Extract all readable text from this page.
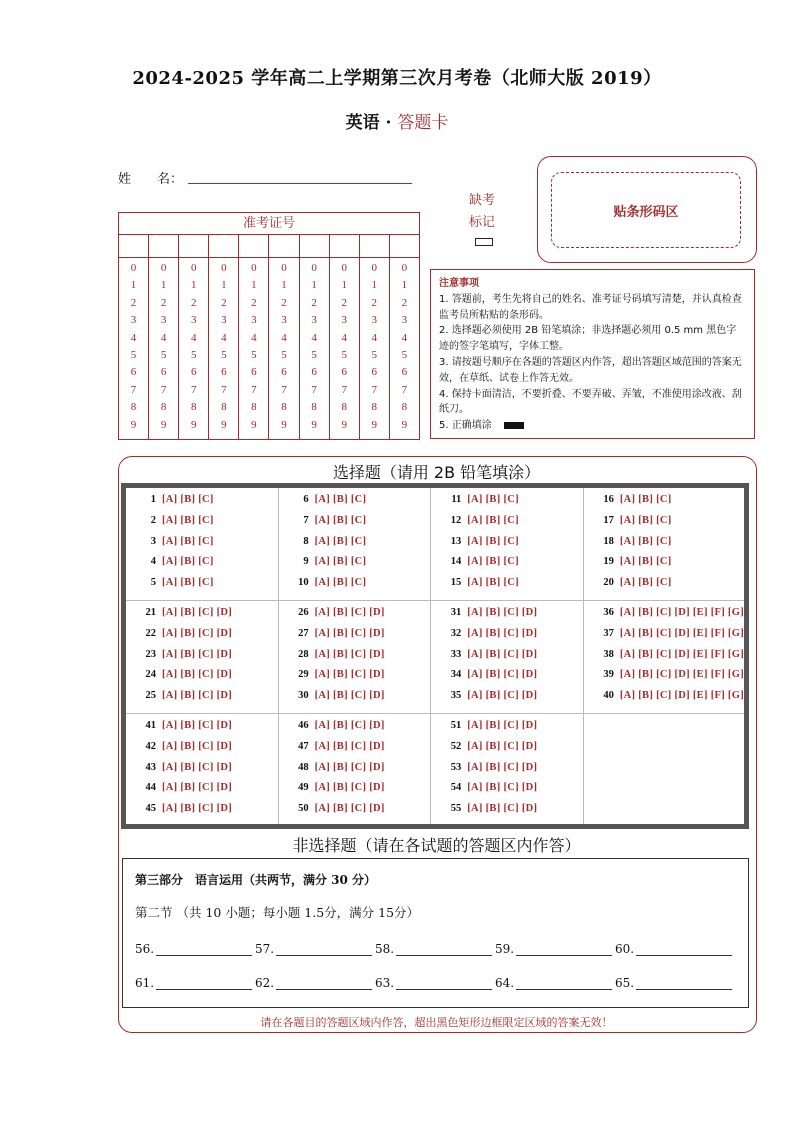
2024-2025 学年高二上学期第三次月考卷（北师大版 2019）
英语 · 答题卡
姓　　名：
准考证号
0
1
2
3
4
5
6
7
8
9
0
1
2
3
4
5
6
7
8
9
0
1
2
3
4
5
6
7
8
9
0
1
2
3
4
5
6
7
8
9
0
1
2
3
4
5
6
7
8
9
0
1
2
3
4
5
6
7
8
9
0
1
2
3
4
5
6
7
8
9
0
1
2
3
4
5
6
7
8
9
0
1
2
3
4
5
6
7
8
9
0
1
2
3
4
5
6
7
8
9
缺考
标记
贴条形码区
注意事项
1. 答题前，考生先将自己的姓名、准考证号码填写清楚，并认真检查监考员所粘贴的条形码。
2. 选择题必须使用 2B 铅笔填涂；非选择题必须用 0.5 mm 黑色字迹的签字笔填写，字体工整。
3. 请按题号顺序在各题的答题区内作答，超出答题区域范围的答案无效，在草纸、试卷上作答无效。
4. 保持卡面清洁，不要折叠、不要弄破、弄皱，不准使用涂改液、刮纸刀。
5. 正确填涂
选择题（请用 2B 铅笔填涂）
1 [A] [B] [C]
2 [A] [B] [C]
3 [A] [B] [C]
4 [A] [B] [C]
5 [A] [B] [C]
6 [A] [B] [C]
7 [A] [B] [C]
8 [A] [B] [C]
9 [A] [B] [C]
10 [A] [B] [C]
11 [A] [B] [C]
12 [A] [B] [C]
13 [A] [B] [C]
14 [A] [B] [C]
15 [A] [B] [C]
16 [A] [B] [C]
17 [A] [B] [C]
18 [A] [B] [C]
19 [A] [B] [C]
20 [A] [B] [C]
21 [A] [B] [C] [D]
22 [A] [B] [C] [D]
23 [A] [B] [C] [D]
24 [A] [B] [C] [D]
25 [A] [B] [C] [D]
26 [A] [B] [C] [D]
27 [A] [B] [C] [D]
28 [A] [B] [C] [D]
29 [A] [B] [C] [D]
30 [A] [B] [C] [D]
31 [A] [B] [C] [D]
32 [A] [B] [C] [D]
33 [A] [B] [C] [D]
34 [A] [B] [C] [D]
35 [A] [B] [C] [D]
36 [A] [B] [C] [D] [E] [F] [G]
37 [A] [B] [C] [D] [E] [F] [G]
38 [A] [B] [C] [D] [E] [F] [G]
39 [A] [B] [C] [D] [E] [F] [G]
40 [A] [B] [C] [D] [E] [F] [G]
41 [A] [B] [C] [D]
42 [A] [B] [C] [D]
43 [A] [B] [C] [D]
44 [A] [B] [C] [D]
45 [A] [B] [C] [D]
46 [A] [B] [C] [D]
47 [A] [B] [C] [D]
48 [A] [B] [C] [D]
49 [A] [B] [C] [D]
50 [A] [B] [C] [D]
51 [A] [B] [C] [D]
52 [A] [B] [C] [D]
53 [A] [B] [C] [D]
54 [A] [B] [C] [D]
55 [A] [B] [C] [D]
非选择题（请在各试题的答题区内作答）
第三部分　语言运用（共两节，满分 30 分）
第二节 （共 10 小题；每小题 1.5分，满分 15分）
56.	57.	58.	59.	60.
61.	62.	63.	64.	65.
请在各题目的答题区域内作答，超出黑色矩形边框限定区域的答案无效！
